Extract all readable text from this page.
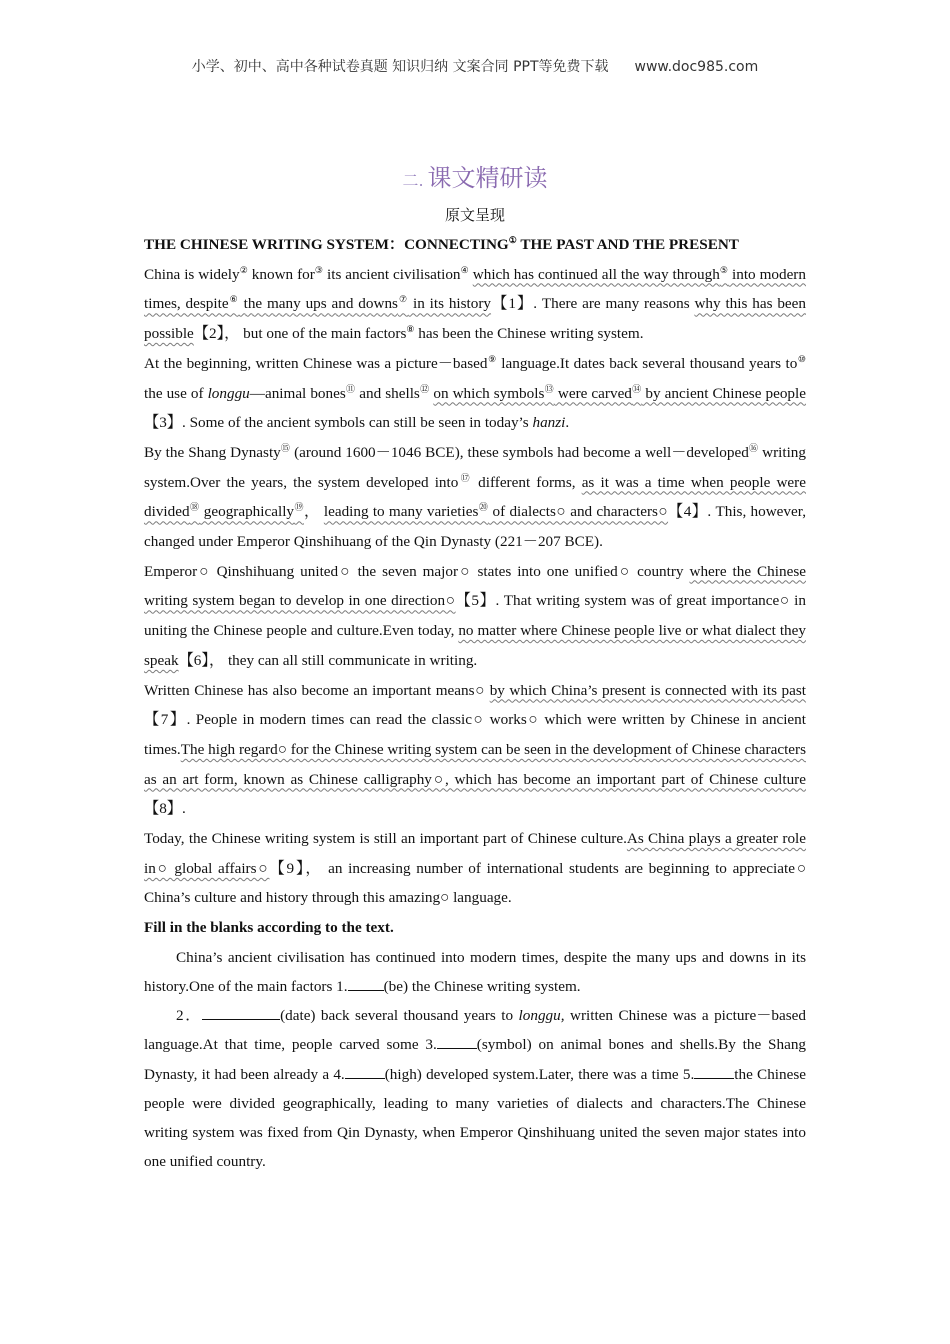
小学、初中、高中各种试卷真题 知识归纳 文案合同 PPT等免费下载 www.doc985.com
二. 课文精研读
原文呈现

THE CHINESE WRITING SYSTEM：CONNECTING① THE PAST AND THE PRESENT

China is widely② known for③ its ancient civilisation④ which has continued all the way through⑤ into modern times, despite⑥ the many ups and downs⑦ in its history【1】. There are many reasons why this has been possible【2】， but one of the main factors⑧ has been the Chinese writing system.

At the beginning, written Chinese was a picture－based⑨ language.It dates back several thousand years to⑩ the use of longgu—animal bones⑪ and shells⑫ on which symbols⑬ were carved⑭ by ancient Chinese people【3】. Some of the ancient symbols can still be seen in today’s hanzi.

By the Shang Dynasty⑮ (around 1600－1046 BCE), these symbols had become a well－developed⑯ writing system.Over the years, the system developed into⑰ different forms, as it was a time when people were divided⑱ geographically⑲， leading to many varieties⑳ of dialects○ and characters○【4】. This, however, changed under Emperor Qinshihuang of the Qin Dynasty (221－207 BCE).

Emperor○ Qinshihuang united○ the seven major○ states into one unified○ country where the Chinese writing system began to develop in one direction○【5】. That writing system was of great importance○ in uniting the Chinese people and culture.Even today, no matter where Chinese people live or what dialect they speak【6】， they can all still communicate in writing.

Written Chinese has also become an important means○ by which China’s present is connected with its past【7】. People in modern times can read the classic○ works○ which were written by Chinese in ancient times.The high regard○ for the Chinese writing system can be seen in the development of Chinese characters as an art form, known as Chinese calligraphy○, which has become an important part of Chinese culture【8】.

Today, the Chinese writing system is still an important part of Chinese culture.As China plays a greater role in○ global affairs○【9】， an increasing number of international students are beginning to appreciate○ China’s culture and history through this amazing○ language.

Fill in the blanks according to the text.

China’s ancient civilisation has continued into modern times, despite the many ups and downs in its history.One of the main factors 1. (be) the Chinese writing system.

2．	(date) back several thousand years to longgu, written Chinese was a picture－based language.At that time, people carved some 3.	(symbol) on animal bones and shells.By the Shang Dynasty, it had been already a 4.	(high) developed system.Later, there was a time 5.	the Chinese people were divided geographically, leading to many varieties of dialects and characters.The Chinese writing system was fixed from Qin Dynasty, when Emperor Qinshihuang united the seven major states into one unified country.
